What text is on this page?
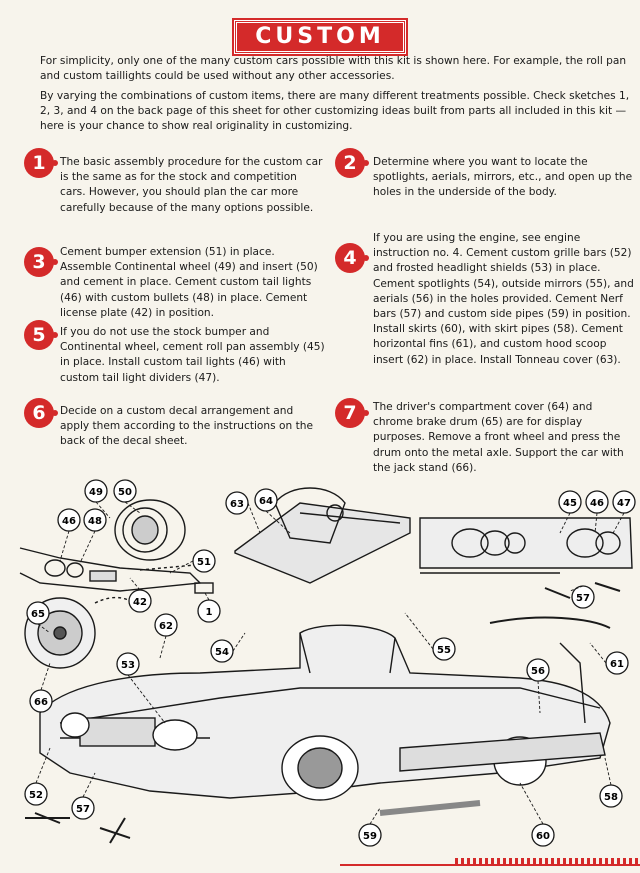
CUSTOM
For simplicity, only one of the many custom cars possible with this kit is shown here. For example, the roll pan and custom taillights could be used without any other accessories.
By varying the combinations of custom items, there are many different treatments possible. Check sketches 1, 2, 3, and 4 on the back page of this sheet for other customizing ideas built from parts all included in this kit — here is your chance to show real originality in customizing.
1	The basic assembly procedure for the custom car is the same as for the stock and competition cars. However, you should plan the car more carefully because of the many options possible.
2	Determine where you want to locate the spotlights, aerials, mirrors, etc., and open up the holes in the underside of the body.
3	Cement bumper extension (51) in place. Assemble Continental wheel (49) and insert (50) and cement in place. Cement custom tail lights (46) with custom bullets (48) in place. Cement license plate (42) in position.
4
If you are using the engine, see engine instruction no. 4. Cement custom grille bars (52) and frosted headlight shields (53) in place. Cement spotlights (54), outside mirrors (55), and aerials (56) in the holes provided. Cement Nerf bars (57) and custom side pipes (59) in position. Install skirts (60), with skirt pipes (58). Cement horizontal fins (61), and custom hood scoop insert (62) in place. Install Tonneau cover (63).
5	If you do not use the stock bumper and Continental wheel, cement roll pan assembly (45) in place. Install custom tail lights (46) with custom tail light dividers (47).
6	Decide on a custom decal arrangement and apply them according to the instructions on the back of the decal sheet.
7	The driver's compartment cover (64) and chrome brake drum (65) are for display purposes. Remove a front wheel and press the drum onto the metal axle. Support the car with the jack stand (66).
49 50
46 48
51
42
1
63 64	45 46 47
57
65
62
54	55
53
56
61
66
52
57
58
59	60
